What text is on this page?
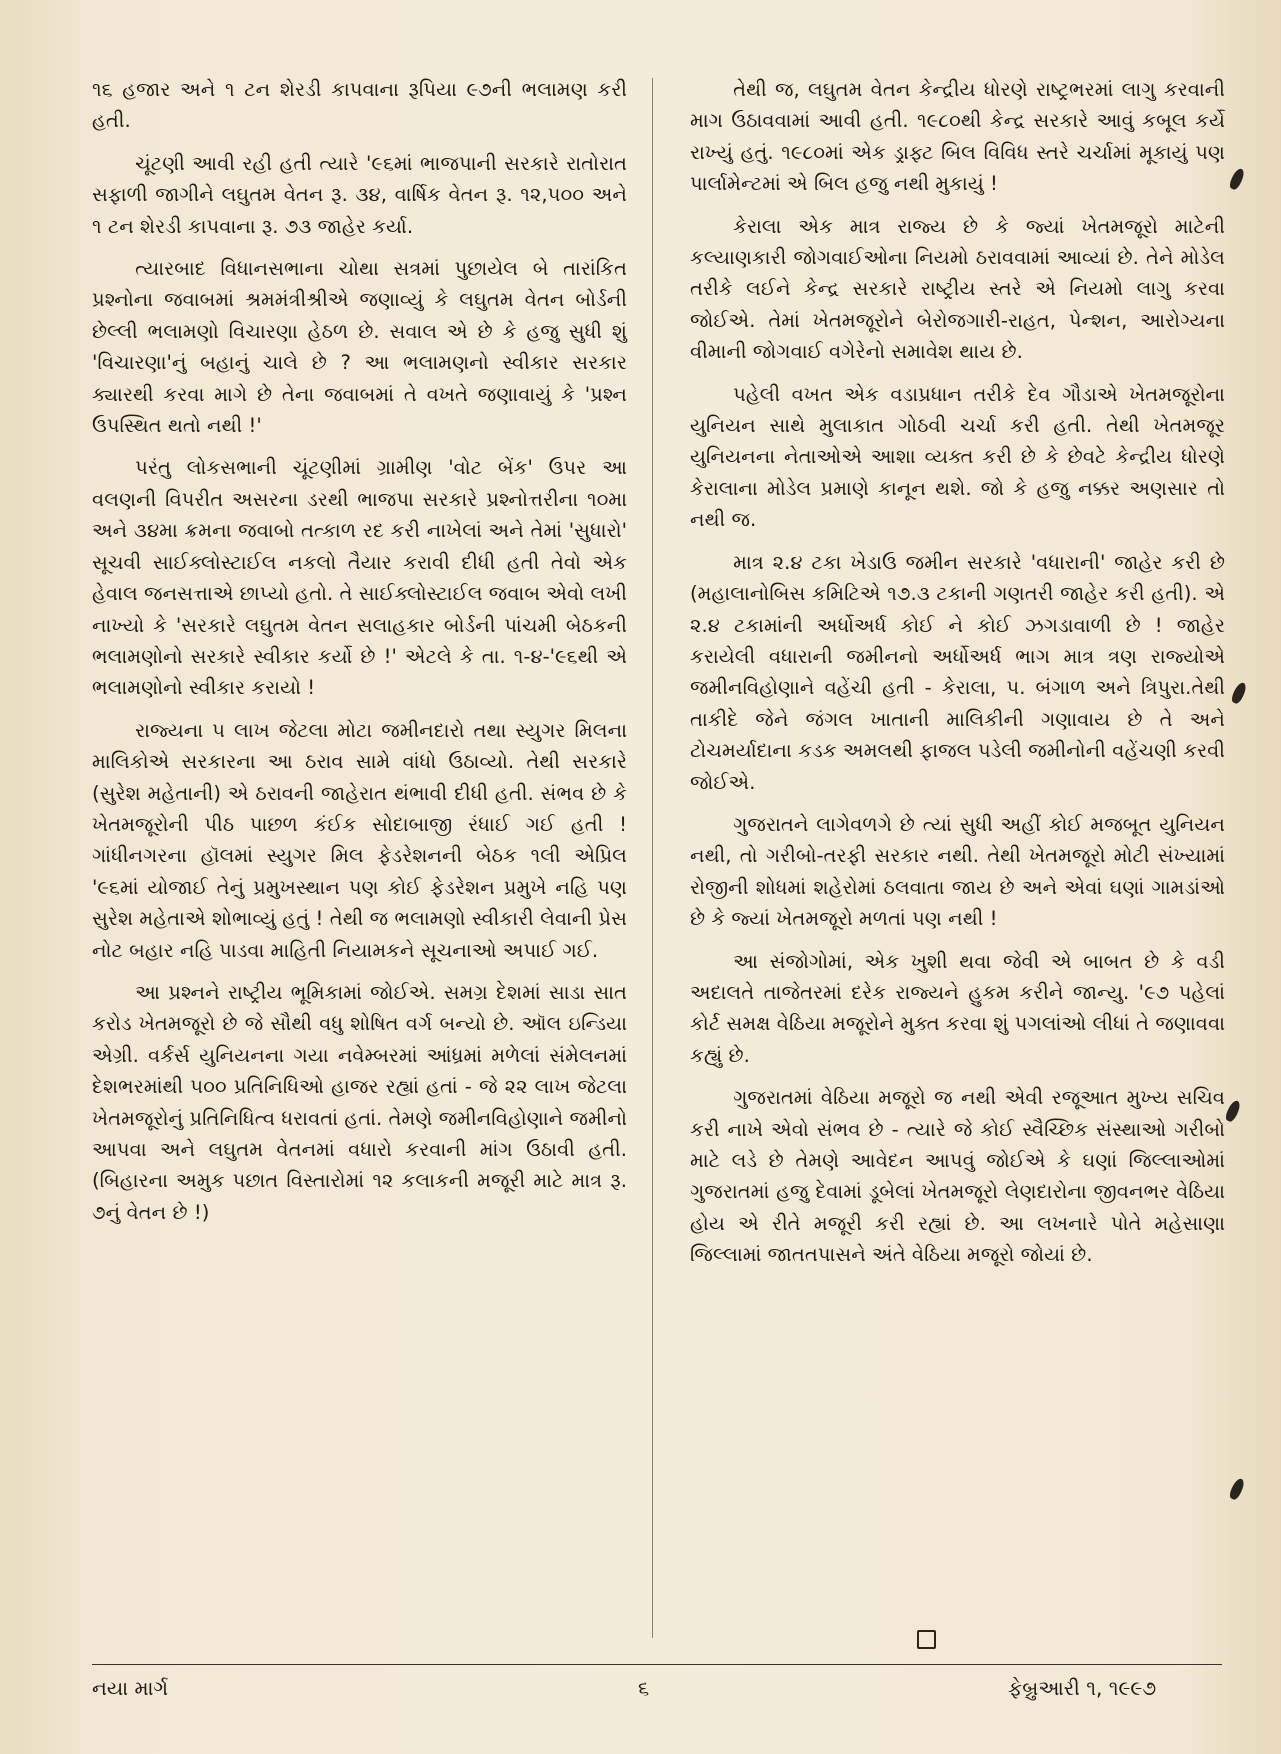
૧૬ હજાર અને ૧ ટન શેરડી કાપવાના રૂપિયા ૯૭ની ભલામણ કરી હતી.

ચૂંટણી આવી રહી હતી ત્યારે '૯૬માં ભાજપાની સરકારે રાતોરાત સફાળી જાગીને લઘુતમ વેતન રૂ. ૩૪, વાર્ષિક વેતન રૂ. ૧૨,૫૦૦ અને ૧ ટન શેરડી કાપવાના રૂ. ૭૩ જાહેર કર્યા.

ત્યારબાદ વિધાનસભાના ચોથા સત્રમાં પુછાયેલ બે તારાંકિત પ્રશ્નોના જવાબમાં શ્રમમંત્રીશ્રીએ જણાવ્યું કે લઘુતમ વેતન બોર્ડની છેલ્લી ભલામણો વિચારણા હેઠળ છે. સવાલ એ છે કે હજુ સુધી શું 'વિચારણા'નું બહાનું ચાલે છે ? આ ભલામણનો સ્વીકાર સરકાર ક્યારથી કરવા માગે છે તેના જવાબમાં તે વખતે જણાવાયું કે 'પ્રશ્ન ઉપસ્થિત થતો નથી !'

પરંતુ લોકસભાની ચૂંટણીમાં ગ્રામીણ 'વોટ બેંક' ઉપર આ વલણની વિપરીત અસરના ડરથી ભાજપા સરકારે પ્રશ્નોત્તરીના ૧૦મા અને ૩૪મા ક્રમના જવાબો તત્કાળ રદ કરી નાખેલાં અને તેમાં 'સુધારો' સૂચવી સાઈક્લોસ્ટાઈલ નકલો તૈયાર કરાવી દીધી હતી તેવો એક હેવાલ જનસત્તાએ છાપ્યો હતો. તે સાઈક્લોસ્ટાઈલ જવાબ એવો લખી નાખ્યો કે 'સરકારે લઘુતમ વેતન સલાહકાર બોર્ડની પાંચમી બેઠકની ભલામણોનો સરકારે સ્વીકાર કર્યો છે !' એટલે કે તા. ૧-૪-'૯૬થી એ ભલામણોનો સ્વીકાર કરાયો !

રાજ્યના ૫ લાખ જેટલા મોટા જમીનદારો તથા સ્યુગર મિલના માલિકોએ સરકારના આ ઠરાવ સામે વાંધો ઉઠાવ્યો. તેથી સરકારે (સુરેશ મહેતાની) એ ઠરાવની જાહેરાત થંભાવી દીધી હતી. સંભવ છે કે ખેતમજૂરોની પીઠ પાછળ કંઈક સોદાબાજી રંધાઈ ગઈ હતી ! ગાંધીનગરના હૉલમાં સ્યુગર મિલ ફેડરેશનની બેઠક ૧લી એપ્રિલ '૯૬માં યોજાઈ તેનું પ્રમુખસ્થાન પણ કોઈ ફેડરેશન પ્રમુખે નહિ પણ સુરેશ મહેતાએ શોભાવ્યું હતું ! તેથી જ ભલામણો સ્વીકારી લેવાની પ્રેસ નોટ બહાર નહિ પાડવા માહિતી નિયામકને સૂચનાઓ અપાઈ ગઈ.

આ પ્રશ્નને રાષ્ટ્રીય ભૂમિકામાં જોઈએ. સમગ્ર દેશમાં સાડા સાત કરોડ ખેતમજૂરો છે જે સૌથી વધુ શોષિત વર્ગ બન્યો છે. ઑલ ઇન્ડિયા એગ્રી. વર્કર્સ યુનિયનના ગયા નવેમ્બરમાં આંધ્રમાં મળેલાં સંમેલનમાં દેશભરમાંથી ૫૦૦ પ્રતિનિધિઓ હાજર રહ્યાં હતાં - જે ૨૨ લાખ જેટલા ખેતમજૂરોનું પ્રતિનિધિત્વ ધરાવતાં હતાં. તેમણે જમીનવિહોણાને જમીનો આપવા અને લઘુતમ વેતનમાં વધારો કરવાની માંગ ઉઠાવી હતી. (બિહારના અમુક પછાત વિસ્તારોમાં ૧૨ કલાકની મજૂરી માટે માત્ર રૂ. ૭નું વેતન છે !)

તેથી જ, લઘુતમ વેતન કેન્દ્રીય ધોરણે રાષ્ટ્રભરમાં લાગુ કરવાની માગ ઉઠાવવામાં આવી હતી. ૧૯૮૦થી કેન્દ્ર સરકારે આવું કબૂલ કર્યે રાખ્યું હતું. ૧૯૮૦માં એક ડ્રાફ્ટ બિલ વિવિધ સ્તરે ચર્ચામાં મૂકાયું પણ પાર્લામેન્ટમાં એ બિલ હજુ નથી મુકાયું !

કેરાલા એક માત્ર રાજ્ય છે કે જ્યાં ખેતમજૂરો માટેની કલ્યાણકારી જોગવાઈઓના નિયમો ઠરાવવામાં આવ્યાં છે. તેને મોડેલ તરીકે લઈને કેન્દ્ર સરકારે રાષ્ટ્રીય સ્તરે એ નિયમો લાગુ કરવા જોઈએ. તેમાં ખેતમજૂરોને બેરોજગારી-રાહત, પેન્શન, આરોગ્યના વીમાની જોગવાઈ વગેરેનો સમાવેશ થાય છે.

પહેલી વખત એક વડાપ્રધાન તરીકે દેવ ગૌડાએ ખેતમજૂરોના યુનિયન સાથે મુલાકાત ગોઠવી ચર્ચા કરી હતી. તેથી ખેતમજૂર યુનિયનના નેતાઓએ આશા વ્યક્ત કરી છે કે છેવટે કેન્દ્રીય ધોરણે કેરાલાના મોડેલ પ્રમાણે કાનૂન થશે. જો કે હજુ નક્કર અણસાર તો નથી જ.

માત્ર ૨.૪ ટકા ખેડાઉ જમીન સરકારે 'વધારાની' જાહેર કરી છે (મહાલાનોબિસ કમિટિએ ૧૭.૩ ટકાની ગણતરી જાહેર કરી હતી). એ ૨.૪ ટકામાંની અર્ધોઅર્ધ કોઈ ને કોઈ ઝગડાવાળી છે ! જાહેર કરાયેલી વધારાની જમીનનો અર્ધોઅર્ધ ભાગ માત્ર ત્રણ રાજ્યોએ જમીનવિહોણાને વહેંચી હતી - કેરાલા, પ. બંગાળ અને ત્રિપુરા.તેથી તાકીદે જેને જંગલ ખાતાની માલિકીની ગણાવાય છે તે અને ટોચમર્યાદાના કડક અમલથી ફાજલ પડેલી જમીનોની વહેંચણી કરવી જોઈએ.

ગુજરાતને લાગેવળગે છે ત્યાં સુધી અહીં કોઈ મજબૂત યુનિયન નથી, તો ગરીબો-તરફી સરકાર નથી. તેથી ખેતમજૂરો મોટી સંખ્યામાં રોજીની શોધમાં શહેરોમાં ઠલવાતા જાય છે અને એવાં ઘણાં ગામડાંઓ છે કે જ્યાં ખેતમજૂરો મળતાં પણ નથી !

આ સંજોગોમાં, એક ખુશી થવા જેવી એ બાબત છે કે વડી અદાલતે તાજેતરમાં દરેક રાજ્યને હુકમ કરીને જાન્યુ. '૯૭ પહેલાં કોર્ટ સમક્ષ વેઠિયા મજૂરોને મુક્ત કરવા શું પગલાંઓ લીધાં તે જણાવવા કહ્યું છે.

ગુજરાતમાં વેઠિયા મજૂરો જ નથી એવી રજૂઆત મુખ્ય સચિવ કરી નાખે એવો સંભવ છે - ત્યારે જે કોઈ સ્વૈચ્છિક સંસ્થાઓ ગરીબો માટે લડે છે તેમણે આવેદન આપવું જોઈએ કે ઘણાં જિલ્લાઓમાં ગુજરાતમાં હજુ દેવામાં ડૂબેલાં ખેતમજૂરો લેણદારોના જીવનભર વેઠિયા હોય એ રીતે મજૂરી કરી રહ્યાં છે. આ લખનારે પોતે મહેસાણા જિલ્લામાં જાતતપાસને અંતે વેઠિયા મજૂરો જોયાં છે.

નયા માર્ગ	૬	ફેબ્રુઆરી ૧, ૧૯૯૭
